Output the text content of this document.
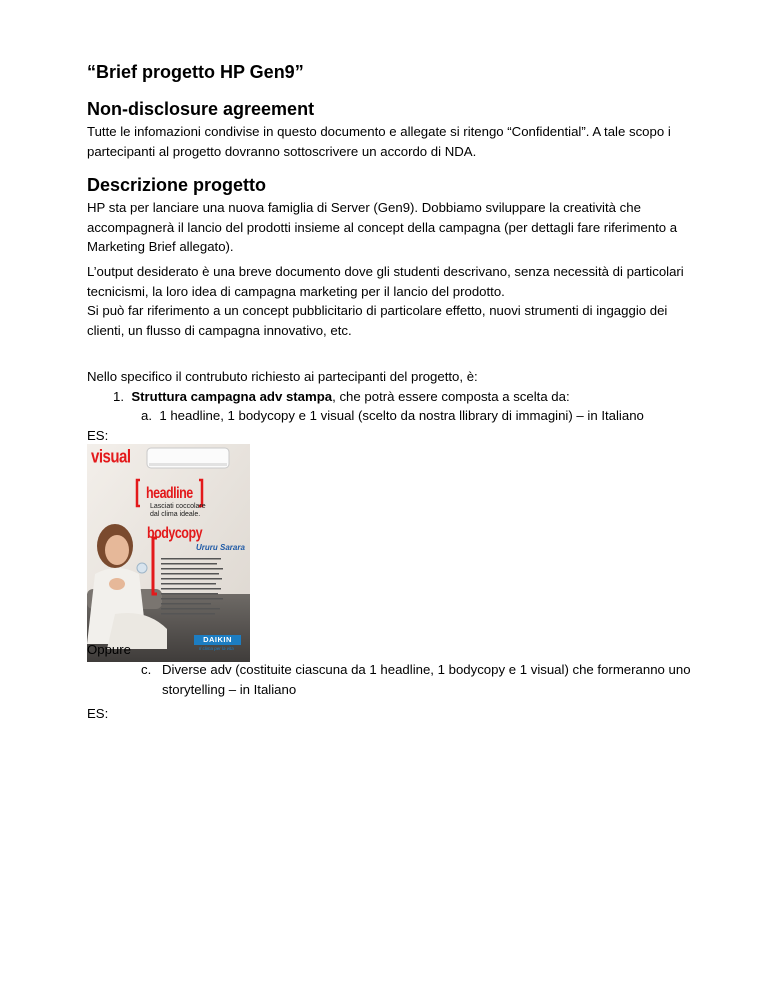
“Brief progetto HP Gen9”

Non-disclosure agreement

Tutte le infomazioni condivise in questo documento e allegate si ritengo “Confidential”. A tale scopo i partecipanti al progetto dovranno sottoscrivere un accordo di NDA.

Descrizione progetto

HP sta per lanciare una nuova famiglia di Server (Gen9). Dobbiamo sviluppare la creatività che accompagnerà il lancio del prodotti insieme al concept della campagna (per dettagli fare riferimento a Marketing Brief allegato).

L’output desiderato è una breve documento dove gli studenti descrivano, senza necessità di particolari tecnicismi, la loro idea di campagna marketing per il lancio del prodotto.

Si può far riferimento a un concept pubblicitario di particolare effetto, nuovi strumenti di ingaggio dei clienti, un flusso di campagna innovativo, etc.

Nello specifico il contrubuto richiesto ai partecipanti del progetto, è:

1. Struttura campagna adv stampa, che potrà essere composta a scelta da:

a. 1 headline, 1 bodycopy e 1 visual (scelto da nostra llibrary di immagini) – in Italiano

ES:

visual
headline
Lasciati coccolare dal clima ideale.
bodycopy
Ururu Sarara
DAIKIN
Il clima per la vita

Oppure

c. Diverse adv (costituite ciascuna da 1 headline, 1 bodycopy e 1 visual) che formeranno uno storytelling – in Italiano

ES:
